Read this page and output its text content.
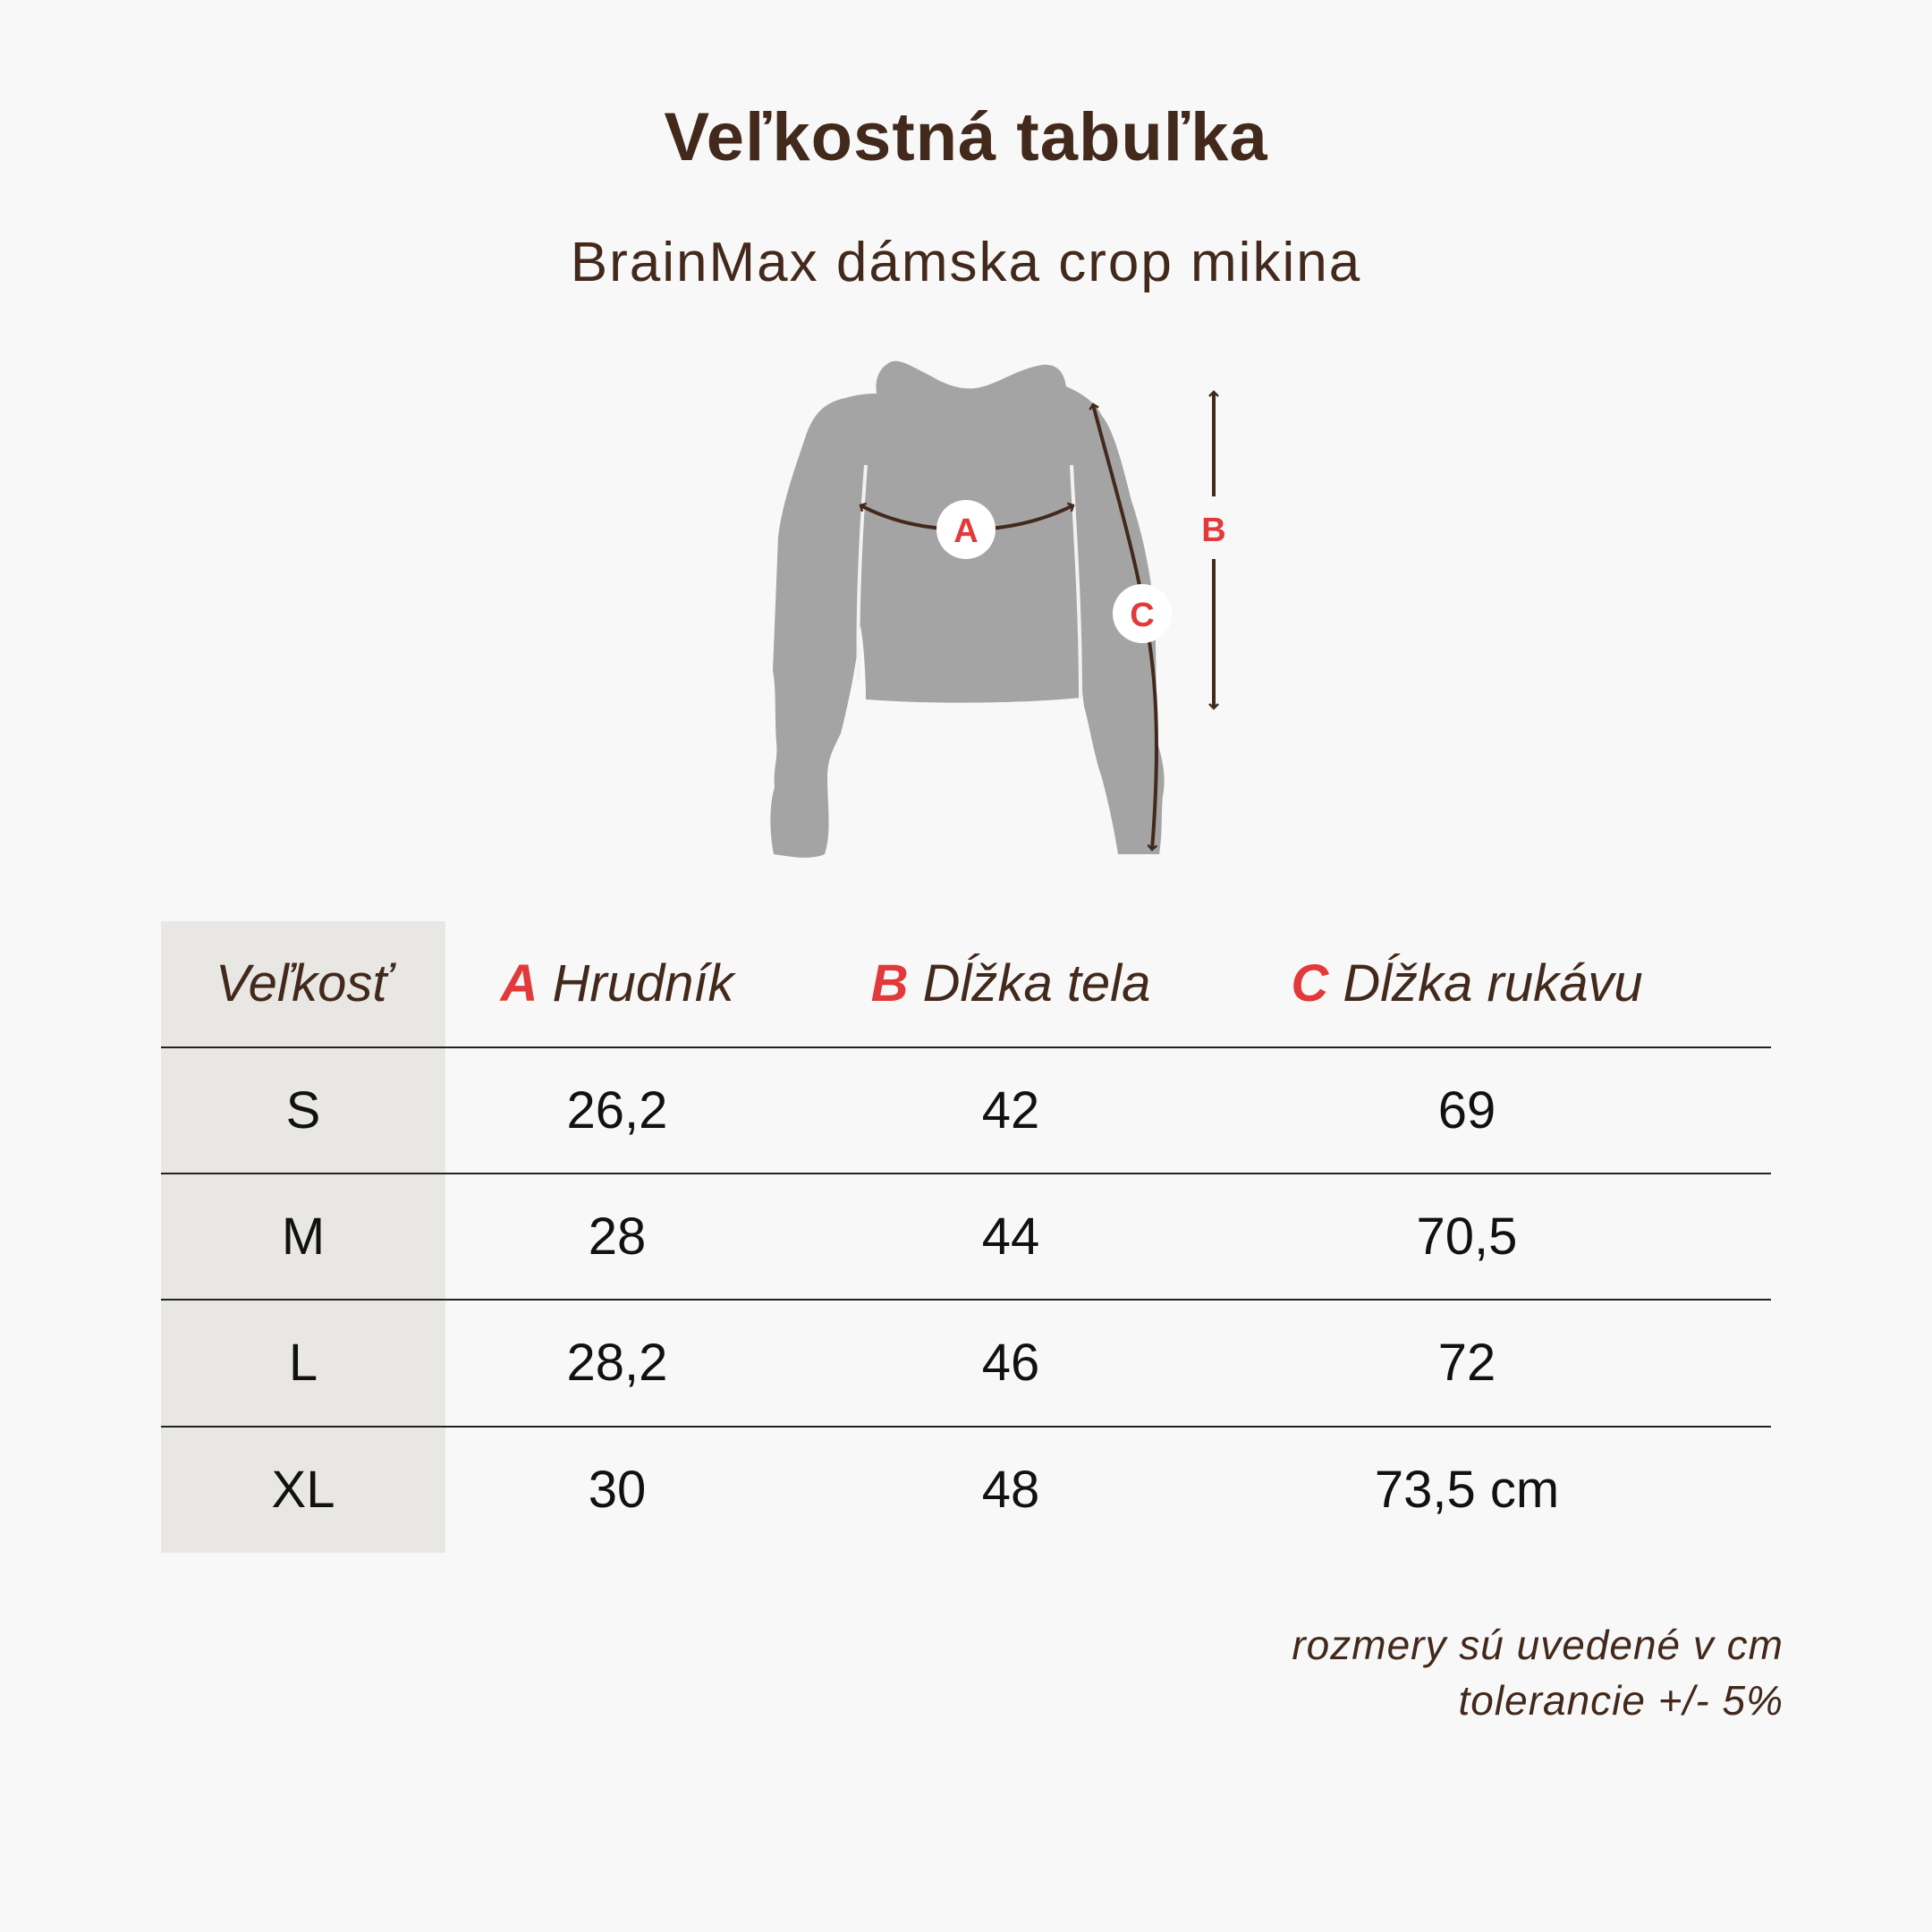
Veľkostná tabuľka
BrainMax dámska crop mikina
A
C
B
Veľkosť	A Hrudník	B Dĺžka tela	C Dĺžka rukávu
S	26,2	42	69
M	28	44	70,5
L	28,2	46	72
XL	30	48	73,5 cm
rozmery sú uvedené v cm
tolerancie +/- 5%
